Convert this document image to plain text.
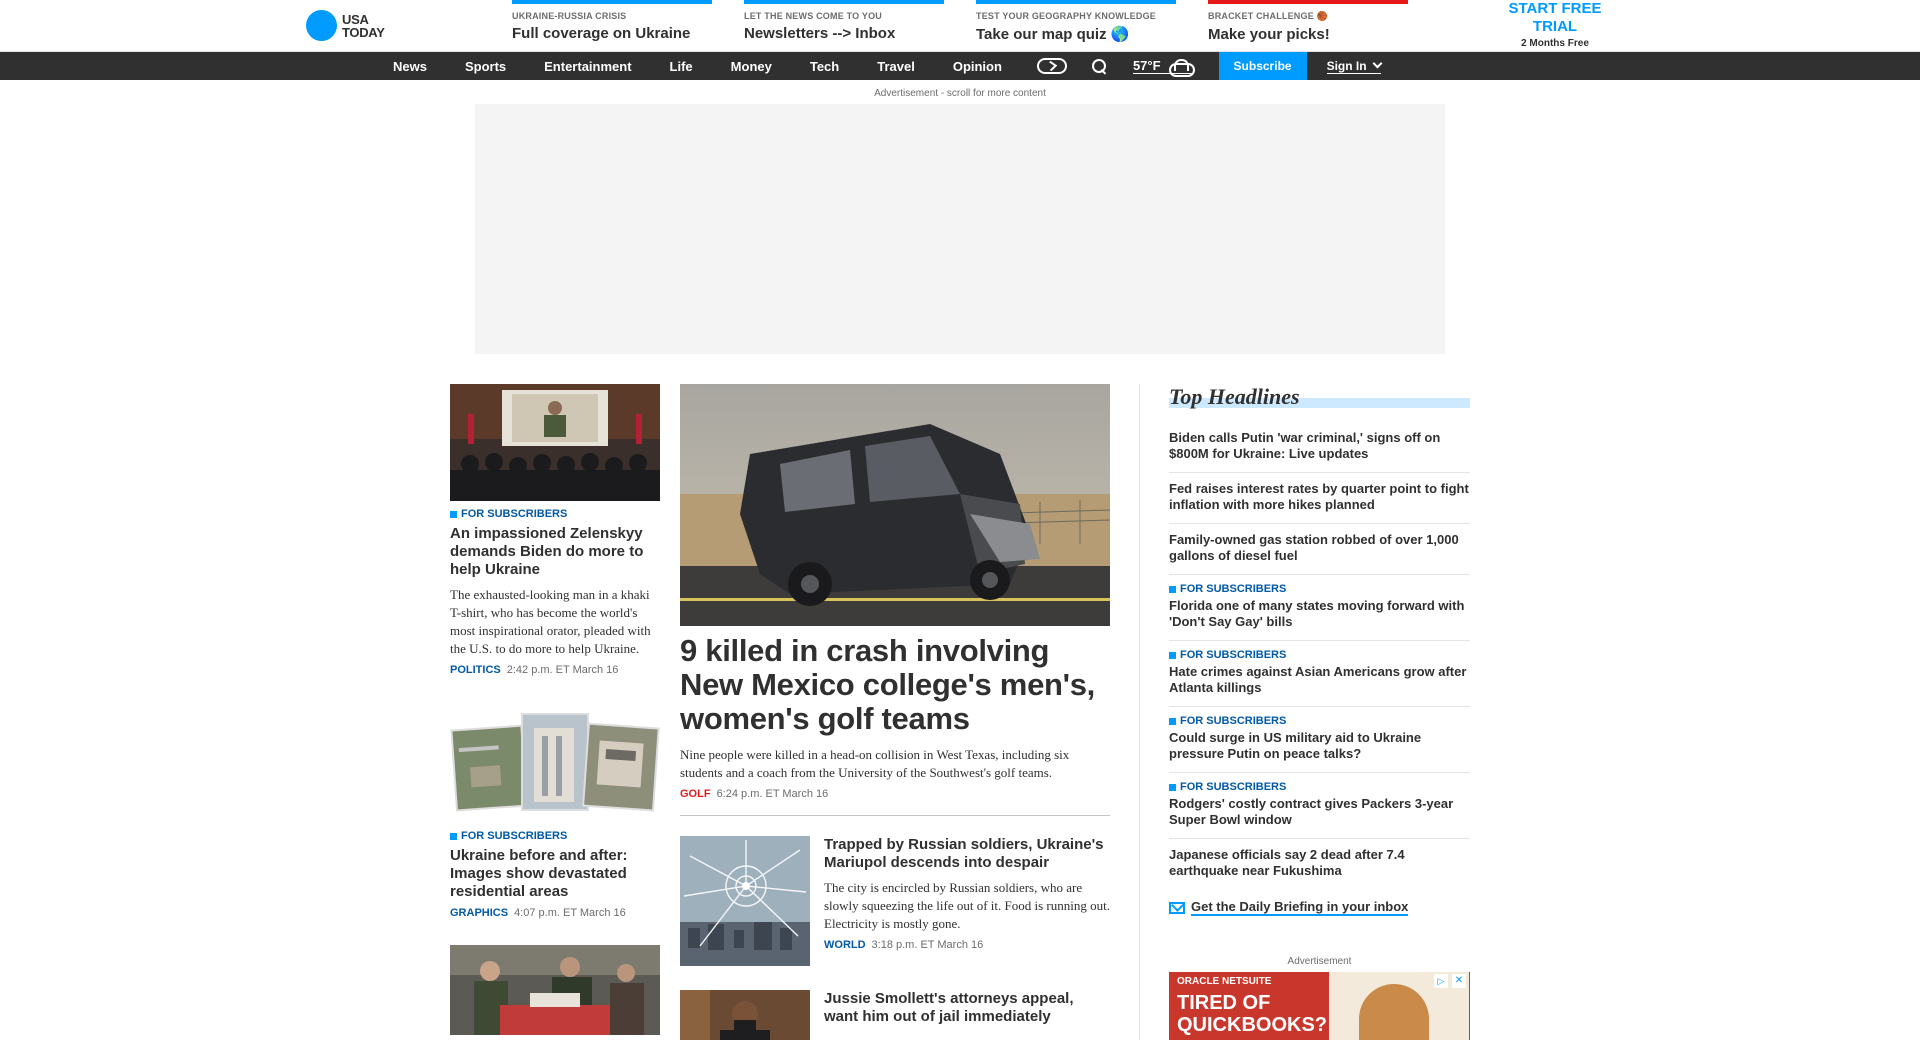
USA
TODAY
UKRAINE-RUSSIA CRISIS
Full coverage on Ukraine
LET THE NEWS COME TO YOU
Newsletters --> Inbox
TEST YOUR GEOGRAPHY KNOWLEDGE
Take our map quiz 🌎
BRACKET CHALLENGE 🏀
Make your picks!
START FREE TRIAL
2 Months Free
News	Sports	Entertainment	Life	Money	Tech	Travel	Opinion	57°F	Subscribe	Sign In
Advertisement - scroll for more content
FOR SUBSCRIBERS
An impassioned Zelenskyy demands Biden do more to help Ukraine
The exhausted-looking man in a khaki T-shirt, who has become the world's most inspirational orator, pleaded with the U.S. to do more to help Ukraine.
POLITICS 2:42 p.m. ET March 16
FOR SUBSCRIBERS
Ukraine before and after: Images show devastated residential areas
GRAPHICS 4:07 p.m. ET March 16
9 killed in crash involving New Mexico college's men's, women's golf teams
Nine people were killed in a head-on collision in West Texas, including six students and a coach from the University of the Southwest's golf teams.
GOLF 6:24 p.m. ET March 16
Trapped by Russian soldiers, Ukraine's Mariupol descends into despair
The city is encircled by Russian soldiers, who are slowly squeezing the life out of it. Food is running out. Electricity is mostly gone.
WORLD 3:18 p.m. ET March 16
Jussie Smollett's attorneys appeal, want him out of jail immediately
Top Headlines
Biden calls Putin 'war criminal,' signs off on $800M for Ukraine: Live updates
Fed raises interest rates by quarter point to fight inflation with more hikes planned
Family-owned gas station robbed of over 1,000 gallons of diesel fuel
FOR SUBSCRIBERS
Florida one of many states moving forward with 'Don't Say Gay' bills
FOR SUBSCRIBERS
Hate crimes against Asian Americans grow after Atlanta killings
FOR SUBSCRIBERS
Could surge in US military aid to Ukraine pressure Putin on peace talks?
FOR SUBSCRIBERS
Rodgers' costly contract gives Packers 3-year Super Bowl window
Japanese officials say 2 dead after 7.4 earthquake near Fukushima
Get the Daily Briefing in your inbox
Advertisement
ORACLE NETSUITE
TIRED OF QUICKBOOKS?
▷	✕
